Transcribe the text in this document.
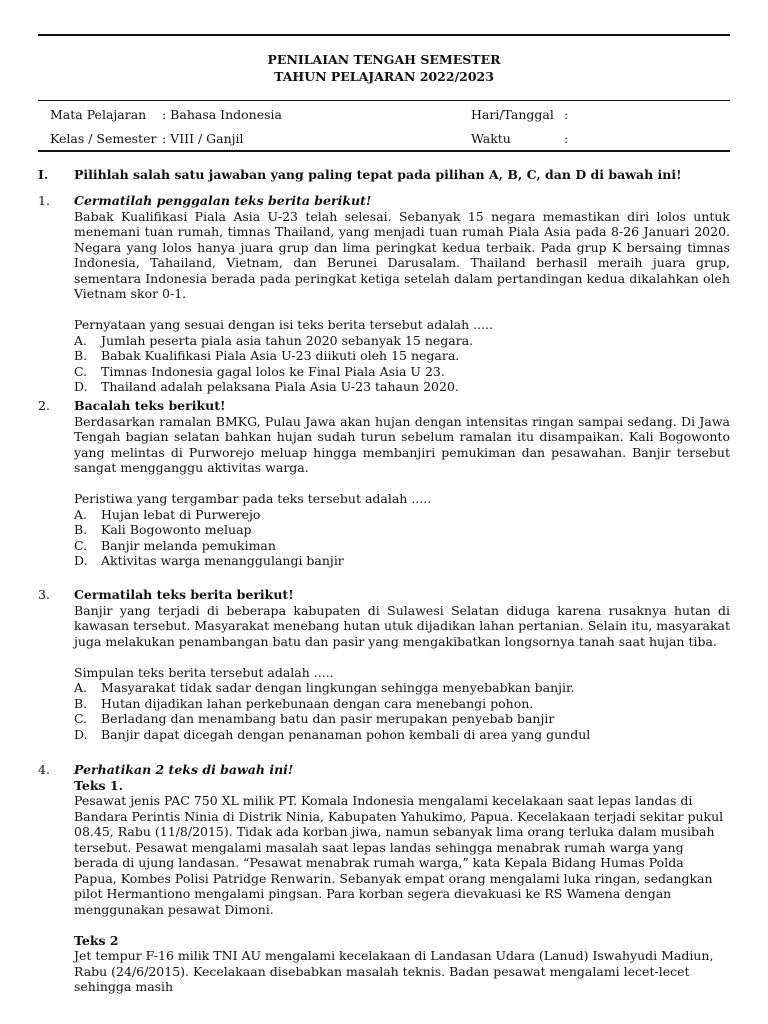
PENILAIAN TENGAH SEMESTER
TAHUN PELAJARAN 2022/2023
Mata Pelajaran : Bahasa Indonesia	Hari/Tanggal :
Kelas / Semester : VIII / Ganjil	Waktu	:
I. Pilihlah salah satu jawaban yang paling tepat pada pilihan A, B, C, dan D di bawah ini!
1. Cermatilah penggalan teks berita berikut!

Babak Kualifikasi Piala Asia U-23 telah selesai. Sebanyak 15 negara memastikan diri lolos untuk menemani tuan rumah, timnas Thailand, yang menjadi tuan rumah Piala Asia pada 8-26 Januari 2020. Negara yang lolos hanya juara grup dan lima peringkat kedua terbaik. Pada grup K bersaing timnas Indonesia, Tahailand, Vietnam, dan Berunei Darusalam. Thailand berhasil meraih juara grup, sementara Indonesia berada pada peringkat ketiga setelah dalam pertandingan kedua dikalahkan oleh Vietnam skor 0-1.

Pernyataan yang sesuai dengan isi teks berita tersebut adalah .....
A. Jumlah peserta piala asia tahun 2020 sebanyak 15 negara.
B. Babak Kualifikasi Piala Asia U-23 diikuti oleh 15 negara.
C. Timnas Indonesia gagal lolos ke Final Piala Asia U 23.
D. Thailand adalah pelaksana Piala Asia U-23 tahaun 2020.
2. Bacalah teks berikut!

Berdasarkan ramalan BMKG, Pulau Jawa akan hujan dengan intensitas ringan sampai sedang. Di Jawa Tengah bagian selatan bahkan hujan sudah turun sebelum ramalan itu disampaikan. Kali Bogowonto yang melintas di Purworejo meluap hingga membanjiri pemukiman dan pesawahan. Banjir tersebut sangat mengganggu aktivitas warga.

Peristiwa yang tergambar pada teks tersebut adalah .....
A. Hujan lebat di Purwerejo
B. Kali Bogowonto meluap
C. Banjir melanda pemukiman
D. Aktivitas warga menanggulangi banjir
3. Cermatilah teks berita berikut!

Banjir yang terjadi di beberapa kabupaten di Sulawesi Selatan diduga karena rusaknya hutan di kawasan tersebut. Masyarakat menebang hutan utuk dijadikan lahan pertanian. Selain itu, masyarakat juga melakukan penambangan batu dan pasir yang mengakibatkan longsornya tanah saat hujan tiba.

Simpulan teks berita tersebut adalah .....
A. Masyarakat tidak sadar dengan lingkungan sehingga menyebabkan banjir.
B. Hutan dijadikan lahan perkebunaan dengan cara menebangi pohon.
C. Berladang dan menambang batu dan pasir merupakan penyebab banjir
D. Banjir dapat dicegah dengan penanaman pohon kembali di area yang gundul
4. Perhatikan 2 teks di bawah ini!
Teks 1.

Pesawat jenis PAC 750 XL milik PT. Komala Indonesia mengalami kecelakaan saat lepas landas di Bandara Perintis Ninia di Distrik Ninia, Kabupaten Yahukimo, Papua. Kecelakaan terjadi sekitar pukul 08.45, Rabu (11/8/2015). Tidak ada korban jiwa, namun sebanyak lima orang terluka dalam musibah tersebut. Pesawat mengalami masalah saat lepas landas sehingga menabrak rumah warga yang berada di ujung landasan. “Pesawat menabrak rumah warga,” kata Kepala Bidang Humas Polda Papua, Kombes Polisi Patridge Renwarin. Sebanyak empat orang mengalami luka ringan, sedangkan pilot Hermantiono mengalami pingsan. Para korban segera dievakuasi ke RS Wamena dengan menggunakan pesawat Dimoni.

Teks 2

Jet tempur F-16 milik TNI AU mengalami kecelakaan di Landasan Udara (Lanud) Iswahyudi Madiun, Rabu (24/6/2015). Kecelakaan disebabkan masalah teknis. Badan pesawat mengalami lecet-lecet sehingga masih
